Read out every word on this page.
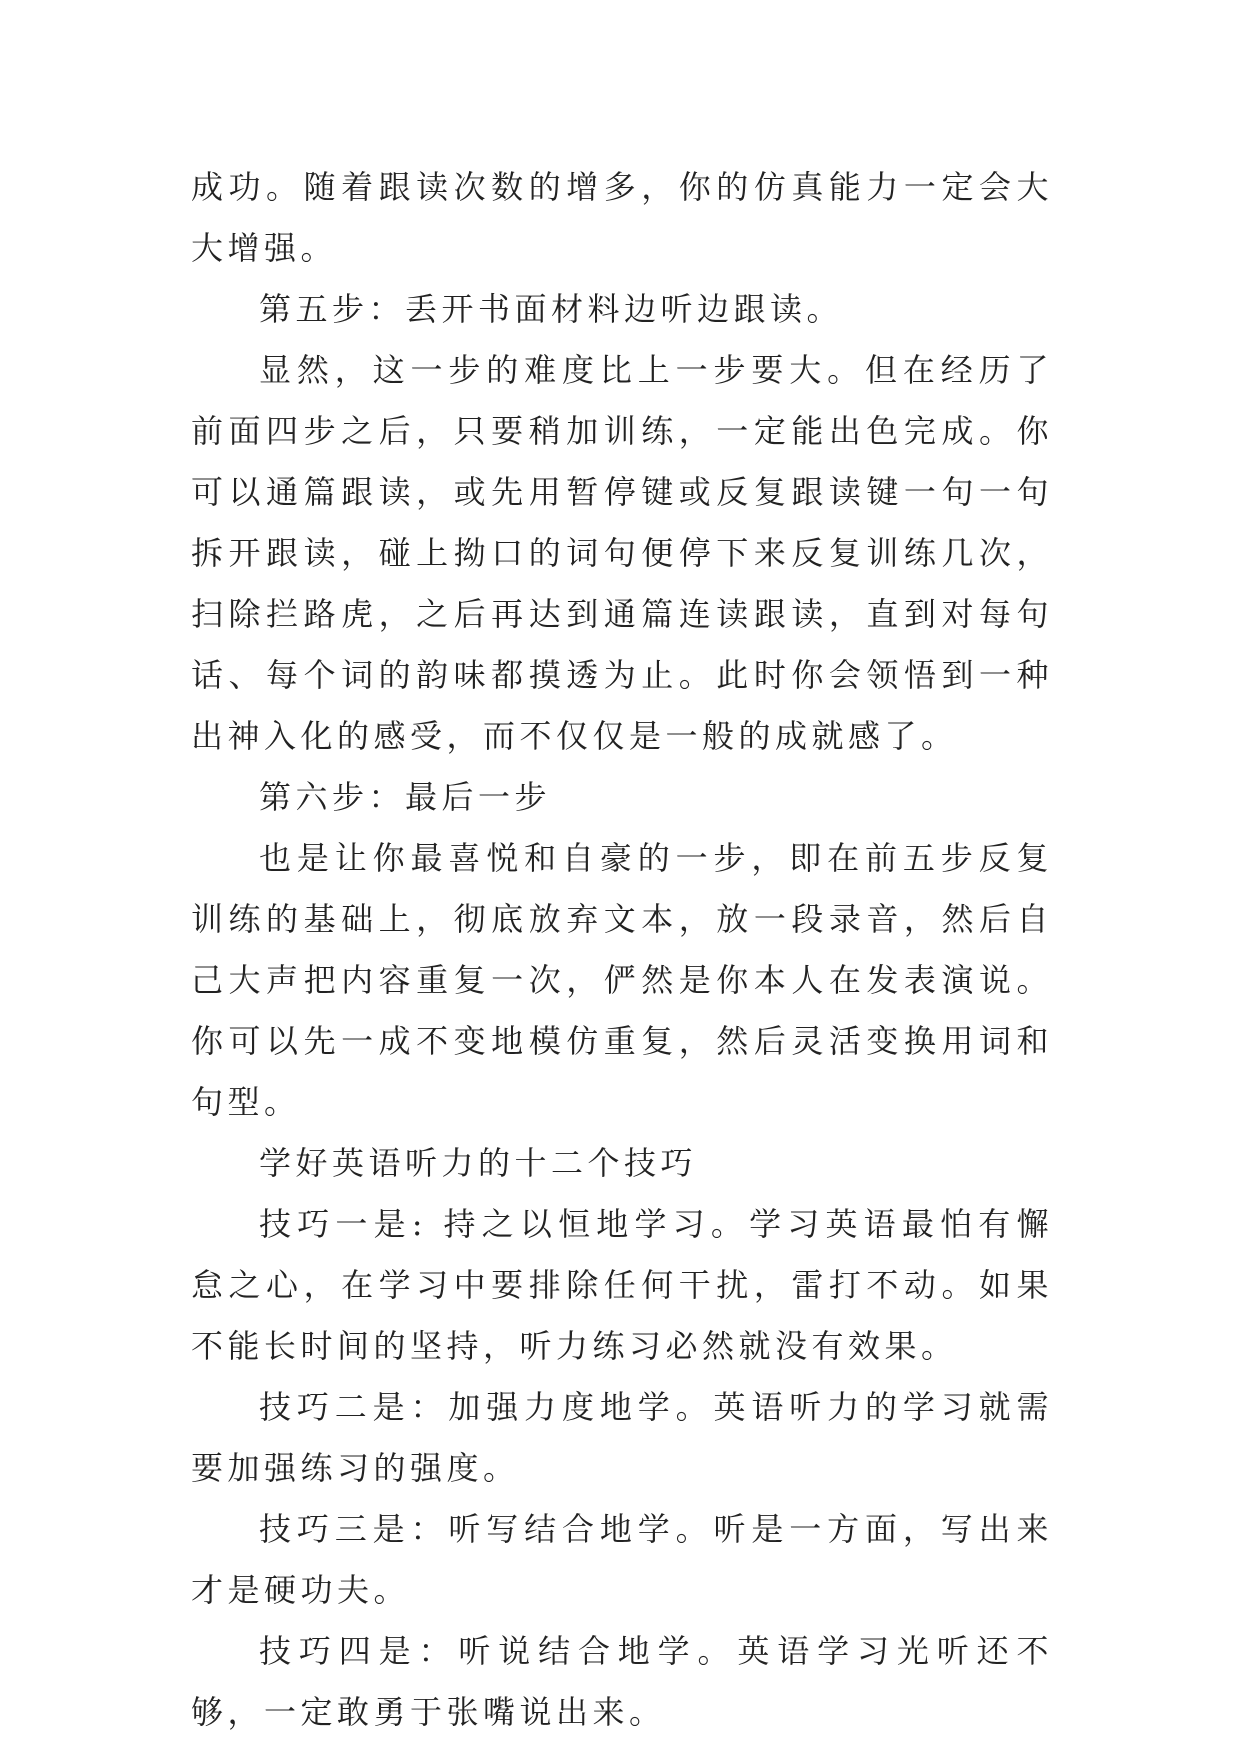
成功。随着跟读次数的增多，你的仿真能力一定会大大增强。

第五步：丢开书面材料边听边跟读。

显然，这一步的难度比上一步要大。但在经历了前面四步之后，只要稍加训练，一定能出色完成。你可以通篇跟读，或先用暂停键或反复跟读键一句一句拆开跟读，碰上拗口的词句便停下来反复训练几次，扫除拦路虎，之后再达到通篇连读跟读，直到对每句话、每个词的韵味都摸透为止。此时你会领悟到一种出神入化的感受，而不仅仅是一般的成就感了。

第六步：最后一步

也是让你最喜悦和自豪的一步，即在前五步反复训练的基础上，彻底放弃文本，放一段录音，然后自己大声把内容重复一次，俨然是你本人在发表演说。你可以先一成不变地模仿重复，然后灵活变换用词和句型。

学好英语听力的十二个技巧

技巧一是: 持之以恒地学习。学习英语最怕有懈怠之心，在学习中要排除任何干扰，雷打不动。如果不能长时间的坚持，听力练习必然就没有效果。

技巧二是：加强力度地学。英语听力的学习就需要加强练习的强度。

技巧三是：听写结合地学。听是一方面，写出来才是硬功夫。

技巧四是：听说结合地学。英语学习光听还不够，一定敢勇于张嘴说出来。
